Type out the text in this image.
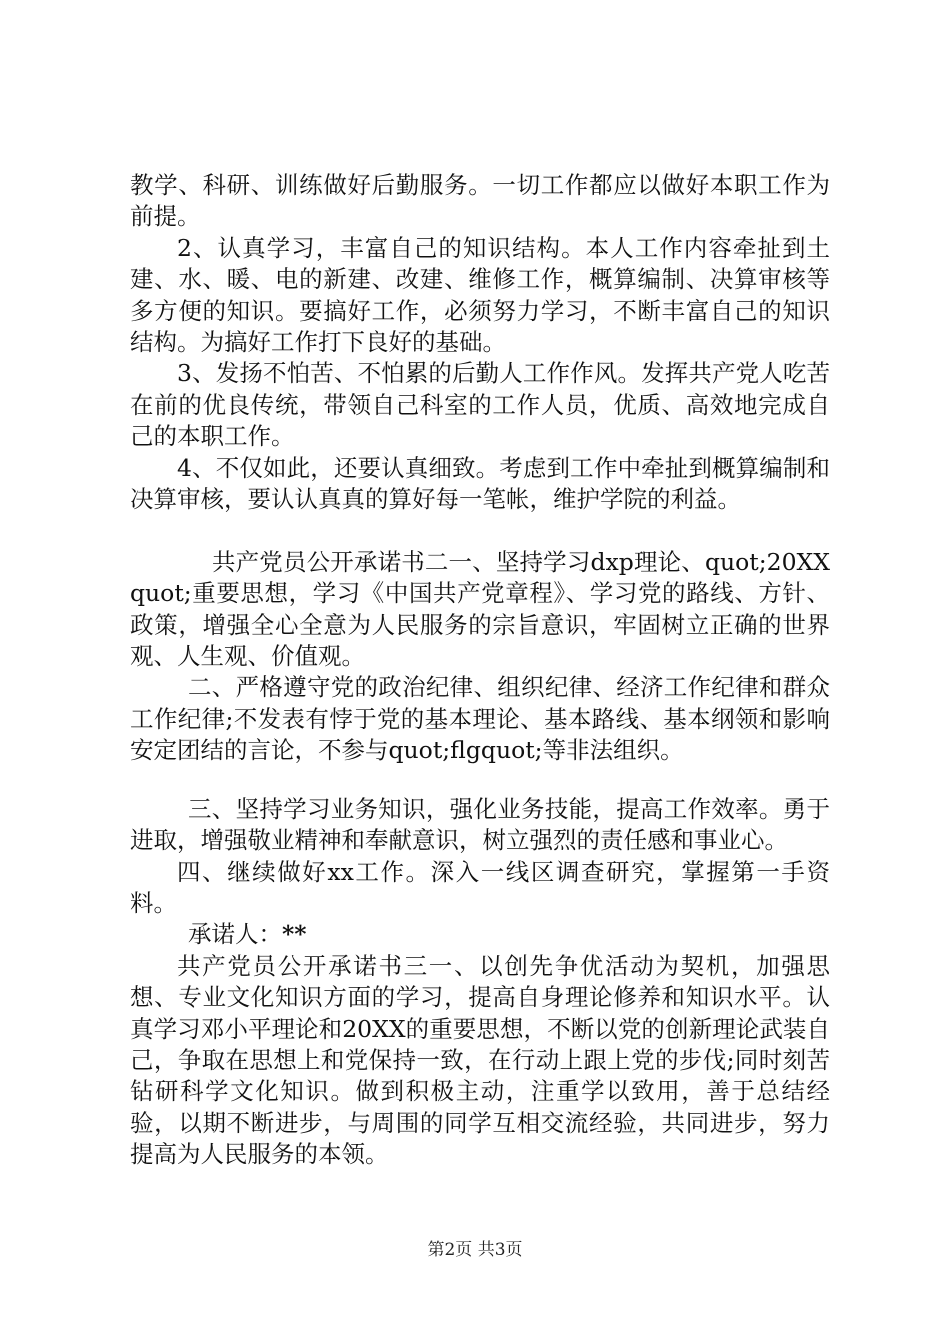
教学、科研、训练做好后勤服务。一切工作都应以做好本职工作为前提。

2、认真学习，丰富自己的知识结构。本人工作内容牵扯到土建、水、暖、电的新建、改建、维修工作，概算编制、决算审核等多方便的知识。要搞好工作，必须努力学习，不断丰富自己的知识结构。为搞好工作打下良好的基础。

3、发扬不怕苦、不怕累的后勤人工作作风。发挥共产党人吃苦在前的优良传统，带领自己科室的工作人员，优质、高效地完成自己的本职工作。

4、不仅如此，还要认真细致。考虑到工作中牵扯到概算编制和决算审核，要认认真真的算好每一笔帐，维护学院的利益。

共产党员公开承诺书二一、坚持学习dxp理论、quot;20XXquot;重要思想，学习《中国共产党章程》、学习党的路线、方针、政策，增强全心全意为人民服务的宗旨意识，牢固树立正确的世界观、人生观、价值观。

二、严格遵守党的政治纪律、组织纪律、经济工作纪律和群众工作纪律;不发表有悖于党的基本理论、基本路线、基本纲领和影响安定团结的言论，不参与quot;flgquot;等非法组织。

三、坚持学习业务知识，强化业务技能，提高工作效率。勇于进取，增强敬业精神和奉献意识，树立强烈的责任感和事业心。

四、继续做好xx工作。深入一线区调查研究，掌握第一手资料。

承诺人：**

共产党员公开承诺书三一、以创先争优活动为契机，加强思想、专业文化知识方面的学习，提高自身理论修养和知识水平。认真学习邓小平理论和20XX的重要思想，不断以党的创新理论武装自己，争取在思想上和党保持一致，在行动上跟上党的步伐;同时刻苦钻研科学文化知识。做到积极主动，注重学以致用，善于总结经验，以期不断进步，与周围的同学互相交流经验，共同进步，努力提高为人民服务的本领。

第2页 共3页
